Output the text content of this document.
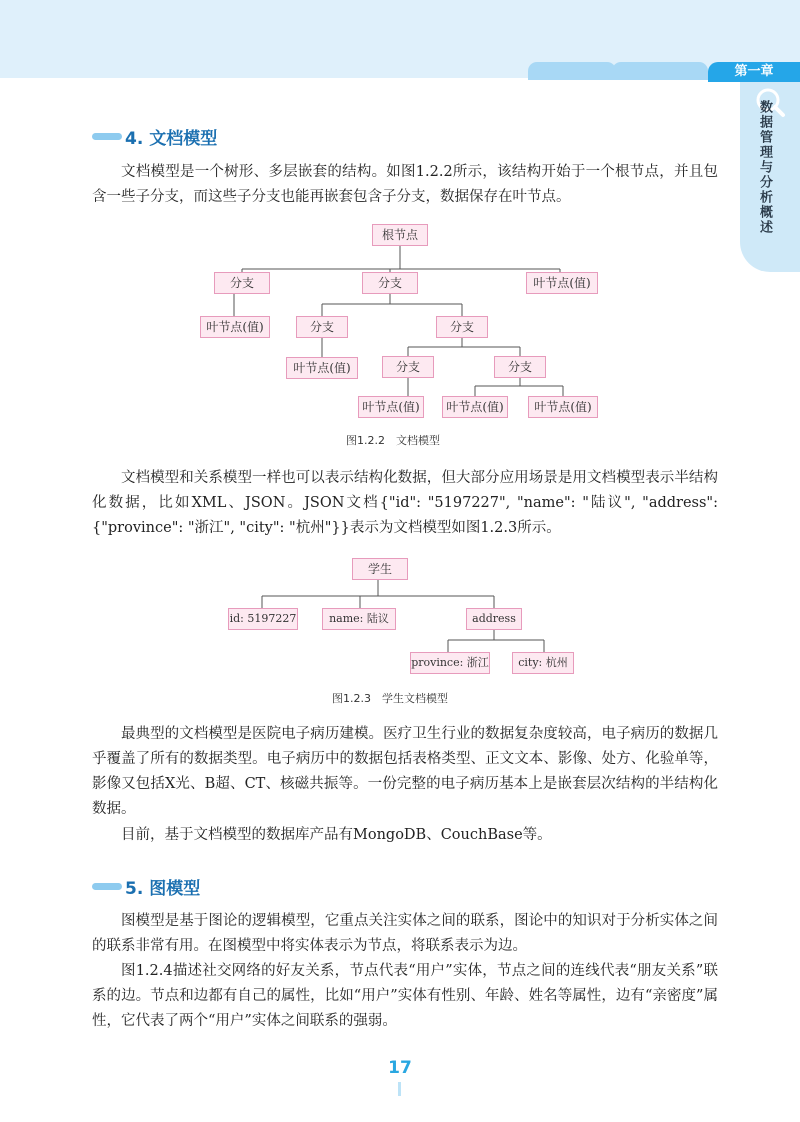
第一章
数据管理与分析概述
4. 文档模型

文档模型是一个树形、多层嵌套的结构。如图1.2.2所示，该结构开始于一个根节点，并且包含一些子分支，而这些子分支也能再嵌套包含子分支，数据保存在叶节点。

根节点
分支	分支	叶节点(值)
叶节点(值)	分支	分支
叶节点(值)	分支	分支
叶节点(值)	叶节点(值)	叶节点(值)
图1.2.2　文档模型

文档模型和关系模型一样也可以表示结构化数据，但大部分应用场景是用文档模型表示半结构化数据，比如XML、JSON。JSON文档{"id": "5197227", "name": "陆议", "address": {"province": "浙江", "city": "杭州"}}表示为文档模型如图1.2.3所示。

学生
id: 5197227	name: 陆议	address
province: 浙江	city: 杭州
图1.2.3　学生文档模型

最典型的文档模型是医院电子病历建模。医疗卫生行业的数据复杂度较高，电子病历的数据几乎覆盖了所有的数据类型。电子病历中的数据包括表格类型、正文文本、影像、处方、化验单等，影像又包括X光、B超、CT、核磁共振等。一份完整的电子病历基本上是嵌套层次结构的半结构化数据。

目前，基于文档模型的数据库产品有MongoDB、CouchBase等。

5. 图模型

图模型是基于图论的逻辑模型，它重点关注实体之间的联系，图论中的知识对于分析实体之间的联系非常有用。在图模型中将实体表示为节点，将联系表示为边。

图1.2.4描述社交网络的好友关系，节点代表“用户”实体，节点之间的连线代表“朋友关系”联系的边。节点和边都有自己的属性，比如“用户”实体有性别、年龄、姓名等属性，边有“亲密度”属性，它代表了两个“用户”实体之间联系的强弱。

17
